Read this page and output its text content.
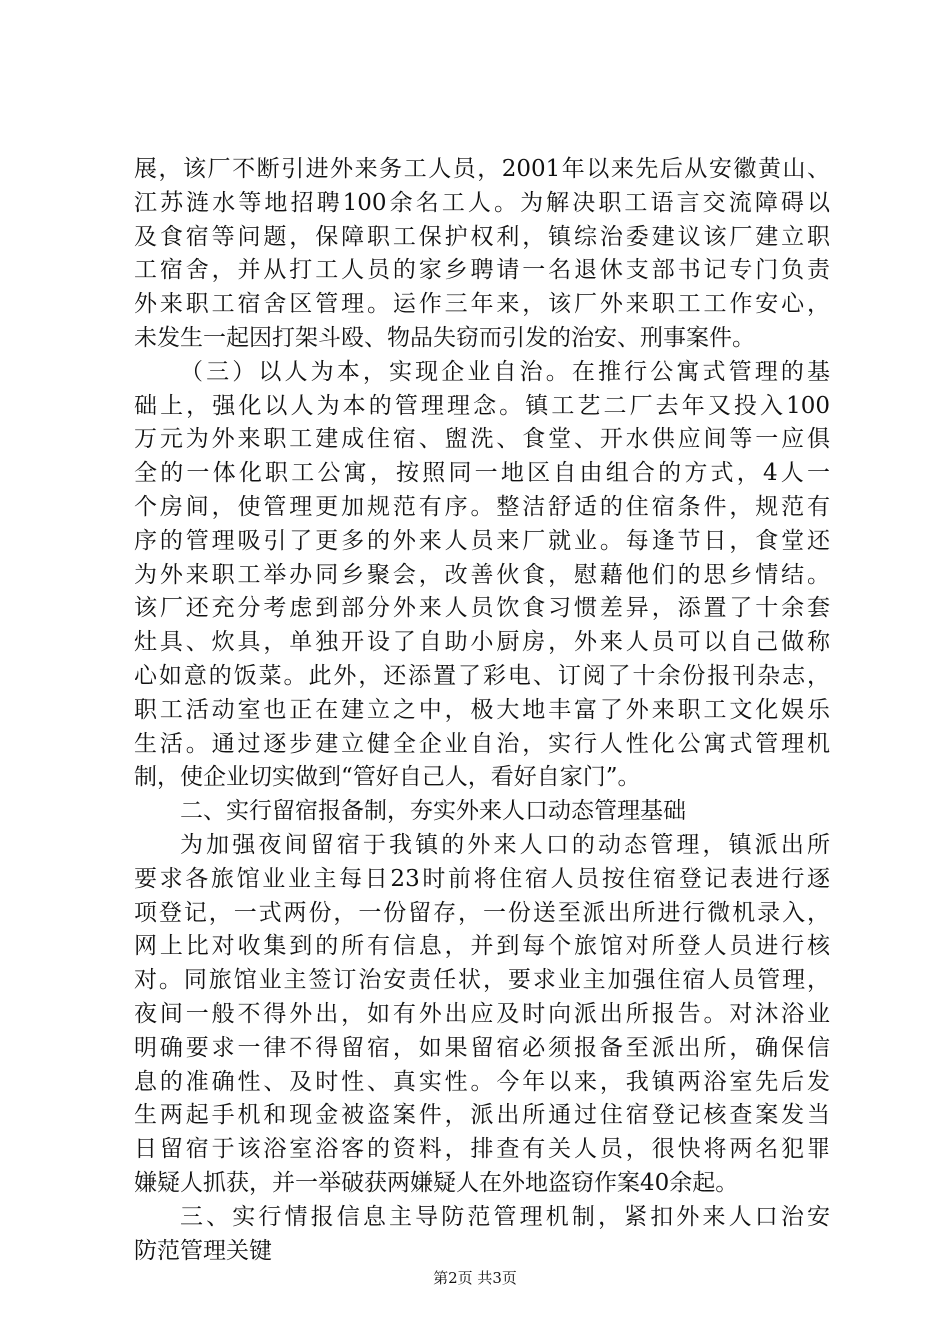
展，该厂不断引进外来务工人员，2001年以来先后从安徽黄山、
江苏涟水等地招聘100余名工人。为解决职工语言交流障碍以
及食宿等问题，保障职工保护权利，镇综治委建议该厂建立职
工宿舍，并从打工人员的家乡聘请一名退休支部书记专门负责
外来职工宿舍区管理。运作三年来，该厂外来职工工作安心，
未发生一起因打架斗殴、物品失窃而引发的治安、刑事案件。
（三）以人为本，实现企业自治。在推行公寓式管理的基
础上，强化以人为本的管理理念。镇工艺二厂去年又投入100
万元为外来职工建成住宿、盥洗、食堂、开水供应间等一应俱
全的一体化职工公寓，按照同一地区自由组合的方式，4人一
个房间，使管理更加规范有序。整洁舒适的住宿条件，规范有
序的管理吸引了更多的外来人员来厂就业。每逢节日，食堂还
为外来职工举办同乡聚会，改善伙食，慰藉他们的思乡情结。
该厂还充分考虑到部分外来人员饮食习惯差异，添置了十余套
灶具、炊具，单独开设了自助小厨房，外来人员可以自己做称
心如意的饭菜。此外，还添置了彩电、订阅了十余份报刊杂志，
职工活动室也正在建立之中，极大地丰富了外来职工文化娱乐
生活。通过逐步建立健全企业自治，实行人性化公寓式管理机
制，使企业切实做到“管好自己人，看好自家门”。
二、实行留宿报备制，夯实外来人口动态管理基础
为加强夜间留宿于我镇的外来人口的动态管理，镇派出所
要求各旅馆业业主每日23时前将住宿人员按住宿登记表进行逐
项登记，一式两份，一份留存，一份送至派出所进行微机录入，
网上比对收集到的所有信息，并到每个旅馆对所登人员进行核
对。同旅馆业主签订治安责任状，要求业主加强住宿人员管理，
夜间一般不得外出，如有外出应及时向派出所报告。对沐浴业
明确要求一律不得留宿，如果留宿必须报备至派出所，确保信
息的准确性、及时性、真实性。今年以来，我镇两浴室先后发
生两起手机和现金被盗案件，派出所通过住宿登记核查案发当
日留宿于该浴室浴客的资料，排查有关人员，很快将两名犯罪
嫌疑人抓获，并一举破获两嫌疑人在外地盗窃作案40余起。
三、实行情报信息主导防范管理机制，紧扣外来人口治安
防范管理关键
第2页 共3页
